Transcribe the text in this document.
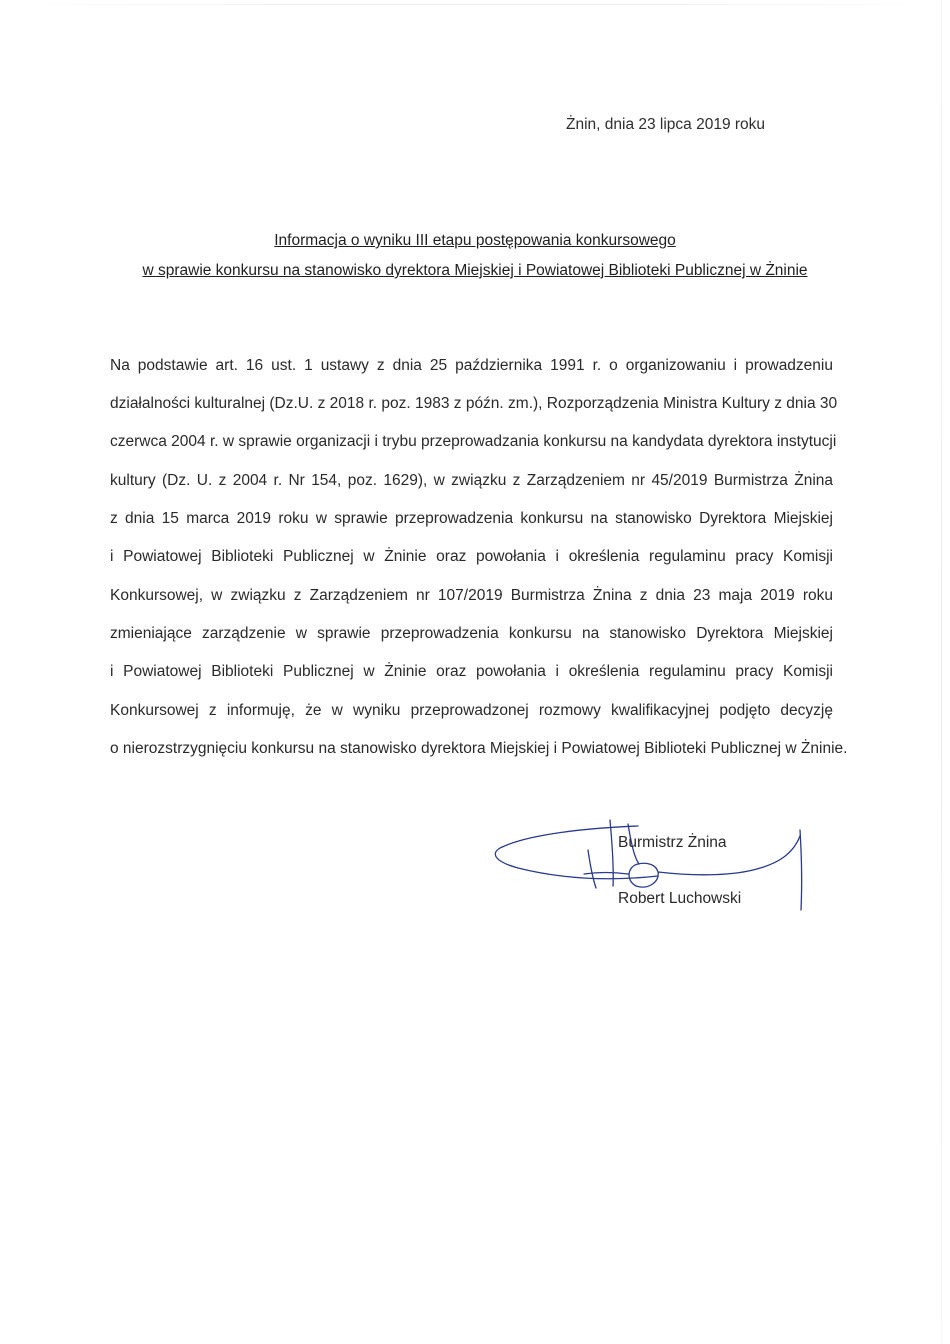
Żnin, dnia 23 lipca 2019 roku
Informacja o wyniku III etapu postępowania konkursowego
w sprawie konkursu na stanowisko dyrektora Miejskiej i Powiatowej Biblioteki Publicznej w Żninie
Na podstawie art. 16 ust. 1 ustawy z dnia 25 października 1991 r. o organizowaniu i prowadzeniu
działalności kulturalnej (Dz.U. z 2018 r. poz. 1983 z późn. zm.), Rozporządzenia Ministra Kultury z dnia 30
czerwca 2004 r. w sprawie organizacji i trybu przeprowadzania konkursu na kandydata dyrektora instytucji
kultury (Dz. U. z 2004 r. Nr 154, poz. 1629), w związku z Zarządzeniem nr 45/2019 Burmistrza Żnina
z dnia 15 marca 2019 roku w sprawie przeprowadzenia konkursu na stanowisko Dyrektora Miejskiej
i Powiatowej Biblioteki Publicznej w Żninie oraz powołania i określenia regulaminu pracy Komisji
Konkursowej, w związku z Zarządzeniem nr 107/2019 Burmistrza Żnina z dnia 23 maja 2019 roku
zmieniające zarządzenie w sprawie przeprowadzenia konkursu na stanowisko Dyrektora Miejskiej
i Powiatowej Biblioteki Publicznej w Żninie oraz powołania i określenia regulaminu pracy Komisji
Konkursowej z informuję, że w wyniku przeprowadzonej rozmowy kwalifikacyjnej podjęto decyzję
o nierozstrzygnięciu konkursu na stanowisko dyrektora Miejskiej i Powiatowej Biblioteki Publicznej w Żninie.
Burmistrz Żnina
Robert Luchowski
